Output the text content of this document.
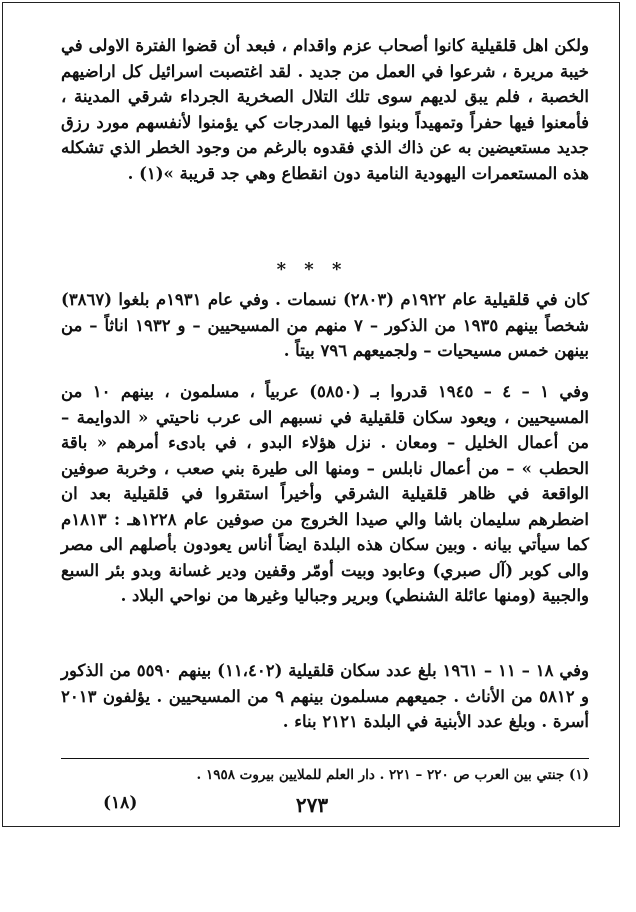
ولكن اهل قلقيلية كانوا أصحاب عزم واقدام ، فبعد أن قضوا الفترة الاولى في خيبة مريرة ، شرعوا في العمل من جديد . لقد اغتصبت اسرائيل كل اراضيهم الخصبة ، فلم يبق لديهم سوى تلك التلال الصخرية الجرداء شرقي المدينة ، فأمعنوا فيها حفراً وتمهيداً وبنوا فيها المدرجات كي يؤمنوا لأنفسهم مورد رزق جديد مستعيضين به عن ذاك الذي فقدوه بالرغم من وجود الخطر الذي تشكله هذه المستعمرات اليهودية النامية دون انقطاع وهي جد قريبة »(١) .

* * *

كان في قلقيلية عام ١٩٢٢م (٢٨٠٣) نسمات . وفي عام ١٩٣١م بلغوا (٣٨٦٧) شخصاً بينهم ١٩٣٥ من الذكور – ٧ منهم من المسيحيين – و ١٩٣٢ اناثاً – من بينهن خمس مسيحيات – ولجميعهم ٧٩٦ بيتاً .

وفي ١ – ٤ – ١٩٤٥ قدروا بـ (٥٨٥٠) عربياً ، مسلمون ، بينهم ١٠ من المسيحيين ، ويعود سكان قلقيلية في نسبهم الى عرب ناحيتي « الدوايمة – من أعمال الخليل – ومعان . نزل هؤلاء البدو ، في بادىء أمرهم « باقة الحطب » – من أعمال نابلس – ومنها الى طيرة بني صعب ، وخربة صوفين الواقعة في ظاهر قلقيلية الشرقي وأخيراً استقروا في قلقيلية بعد ان اضطرهم سليمان باشا والي صيدا الخروج من صوفين عام ١٢٢٨هـ : ١٨١٣م كما سيأتي بيانه . وبين سكان هذه البلدة ايضاً أناس يعودون بأصلهم الى مصر والى كوبر (آل صبري) وعابود وبيت أومّر وقفين ودير غسانة وبدو بئر السبع والجبية (ومنها عائلة الشنطي) وبرير وجباليا وغيرها من نواحي البلاد .

وفي ١٨ – ١١ – ١٩٦١ بلغ عدد سكان قلقيلية (١١،٤٠٢) بينهم ٥٥٩٠ من الذكور و ٥٨١٢ من الأناث . جميعهم مسلمون بينهم ٩ من المسيحيين . يؤلفون ٢٠١٣ أسرة . وبلغ عدد الأبنية في البلدة ٢١٢١ بناء .

(١) جنتي بين العرب ص ٢٢٠ – ٢٢١ . دار العلم للملايين بيروت ١٩٥٨ .
٢٧٣
(١٨)
